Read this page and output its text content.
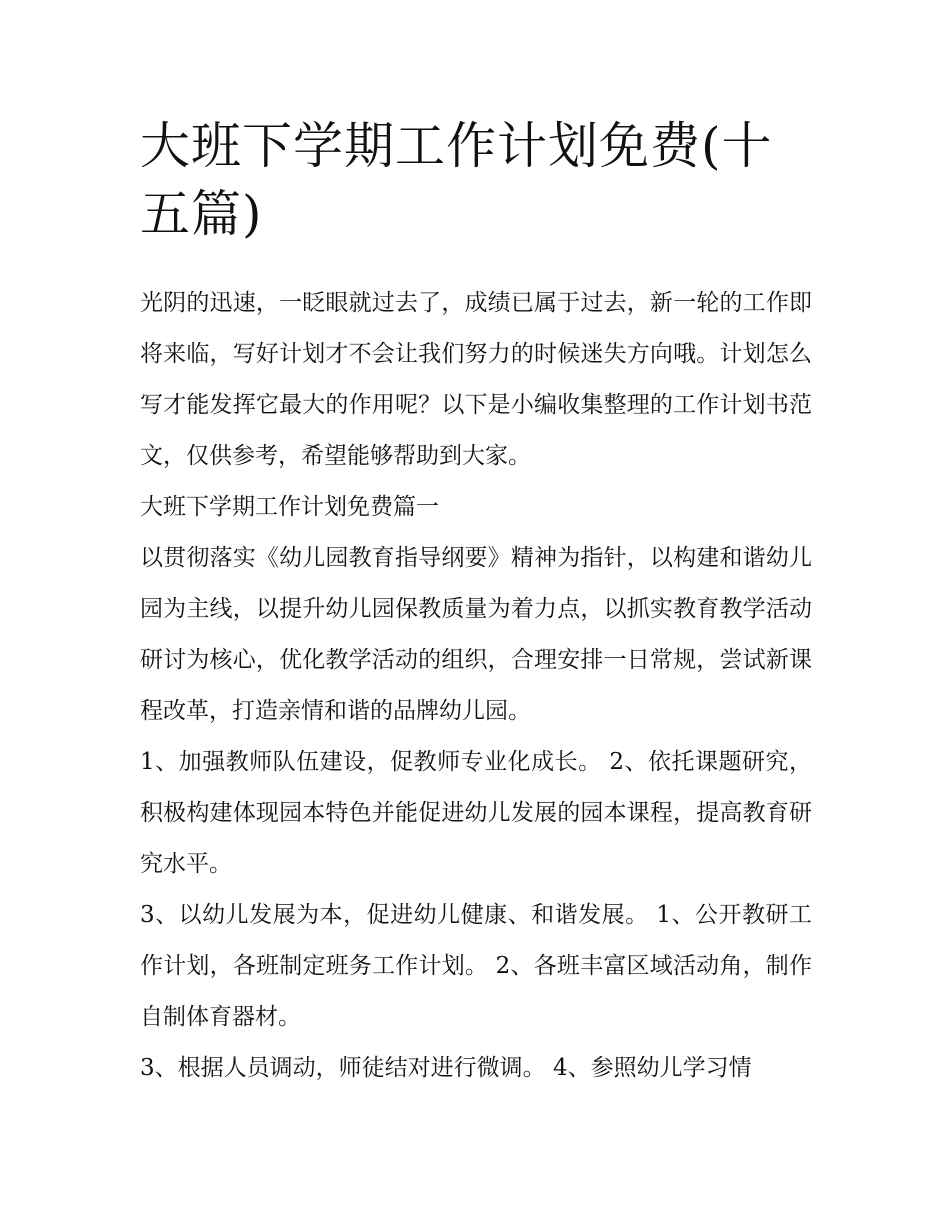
大班下学期工作计划免费(十五篇)

光阴的迅速，一眨眼就过去了，成绩已属于过去，新一轮的工作即将来临，写好计划才不会让我们努力的时候迷失方向哦。计划怎么写才能发挥它最大的作用呢？以下是小编收集整理的工作计划书范文，仅供参考，希望能够帮助到大家。

大班下学期工作计划免费篇一

以贯彻落实《幼儿园教育指导纲要》精神为指针，以构建和谐幼儿园为主线，以提升幼儿园保教质量为着力点，以抓实教育教学活动研讨为核心，优化教学活动的组织，合理安排一日常规，尝试新课程改革，打造亲情和谐的品牌幼儿园。

1、加强教师队伍建设，促教师专业化成长。 2、依托课题研究，积极构建体现园本特色并能促进幼儿发展的园本课程，提高教育研究水平。

3、以幼儿发展为本，促进幼儿健康、和谐发展。 1、公开教研工作计划，各班制定班务工作计划。 2、各班丰富区域活动角，制作自制体育器材。

3、根据人员调动，师徒结对进行微调。 4、参照幼儿学习情
